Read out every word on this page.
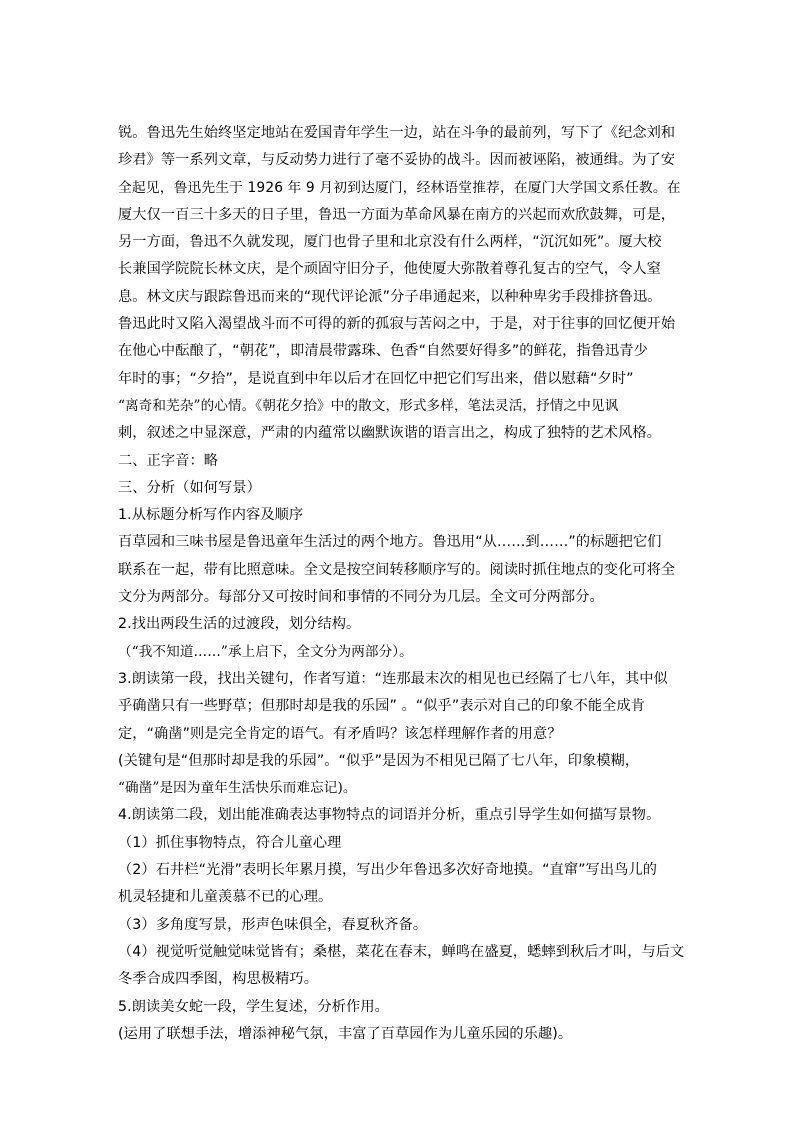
锐。鲁迅先生始终坚定地站在爱国青年学生一边，站在斗争的最前列，写下了《纪念刘和
珍君》等一系列文章，与反动势力进行了毫不妥协的战斗。因而被诬陷，被通缉。为了安
全起见，鲁迅先生于 1926 年 9 月初到达厦门，经林语堂推荐，在厦门大学国文系任教。在
厦大仅一百三十多天的日子里，鲁迅一方面为革命风暴在南方的兴起而欢欣鼓舞，可是，
另一方面，鲁迅不久就发现，厦门也骨子里和北京没有什么两样，“沉沉如死”。厦大校
长兼国学院院长林文庆，是个顽固守旧分子，他使厦大弥散着尊孔复古的空气，令人窒
息。林文庆与跟踪鲁迅而来的“现代评论派”分子串通起来，以种种卑劣手段排挤鲁迅。
鲁迅此时又陷入渴望战斗而不可得的新的孤寂与苦闷之中，于是，对于往事的回忆便开始
在他心中酝酿了，“朝花”，即清晨带露珠、色香“自然要好得多”的鲜花，指鲁迅青少
年时的事；“夕拾”，是说直到中年以后才在回忆中把它们写出来，借以慰藉“夕时”
“离奇和芜杂”的心情。《朝花夕拾》中的散文，形式多样，笔法灵活，抒情之中见讽
刺，叙述之中显深意，严肃的内蕴常以幽默诙谐的语言出之，构成了独特的艺术风格。
二、正字音：略
三、分析（如何写景）
1.从标题分析写作内容及顺序
百草园和三味书屋是鲁迅童年生活过的两个地方。鲁迅用“从……到……”的标题把它们
联系在一起，带有比照意味。全文是按空间转移顺序写的。阅读时抓住地点的变化可将全
文分为两部分。每部分又可按时间和事情的不同分为几层。全文可分两部分。
2.找出两段生活的过渡段，划分结构。
（“我不知道……”承上启下，全文分为两部分）。
3.朗读第一段，找出关键句，作者写道：“连那最末次的相见也已经隔了七八年，其中似
乎确凿只有一些野草；但那时却是我的乐园” 。“似乎”表示对自己的印象不能全成肯
定，“确凿”则是完全肯定的语气。有矛盾吗？该怎样理解作者的用意？
(关键句是“但那时却是我的乐园”。“似乎”是因为不相见已隔了七八年，印象模糊，
“确凿”是因为童年生活快乐而难忘记)。
4.朗读第二段，划出能准确表达事物特点的词语并分析，重点引导学生如何描写景物。
（1）抓住事物特点，符合儿童心理
（2）石井栏“光滑”表明长年累月摸，写出少年鲁迅多次好奇地摸。“直窜”写出鸟儿的
机灵轻捷和儿童羡慕不已的心理。
（3）多角度写景，形声色味俱全，春夏秋齐备。
（4）视觉听觉触觉味觉皆有；桑椹，菜花在春末，蝉鸣在盛夏，蟋蟀到秋后才叫，与后文
冬季合成四季图，构思极精巧。
5.朗读美女蛇一段，学生复述，分析作用。
(运用了联想手法，增添神秘气氛，丰富了百草园作为儿童乐园的乐趣)。
